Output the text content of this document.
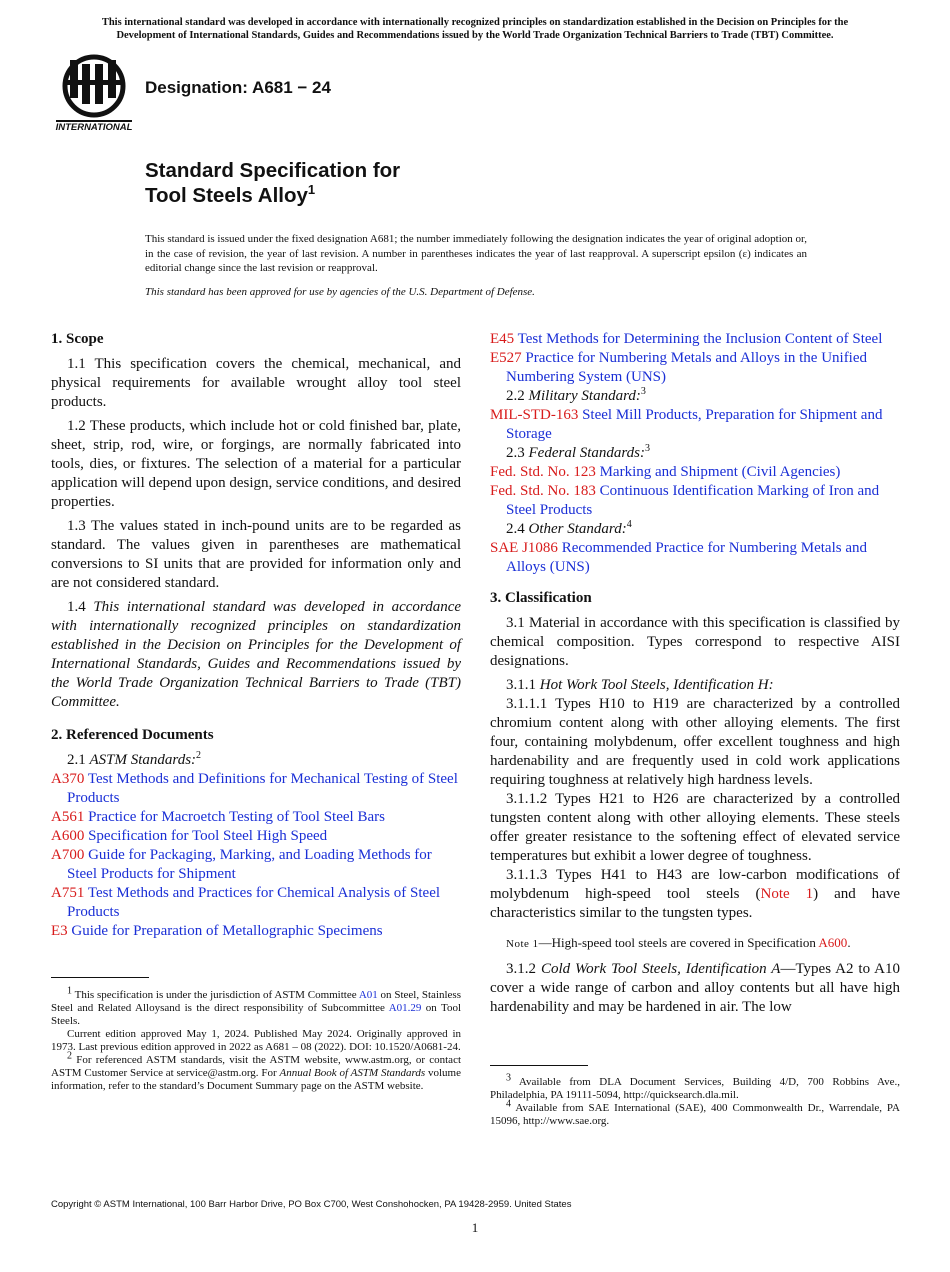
This international standard was developed in accordance with internationally recognized principles on standardization established in the Decision on Principles for the
Development of International Standards, Guides and Recommendations issued by the World Trade Organization Technical Barriers to Trade (TBT) Committee.
INTERNATIONAL
Designation: A681 − 24
Standard Specification for
Tool Steels Alloy$^1$
This standard is issued under the fixed designation A681; the number immediately following the designation indicates the year of original adoption or, in the case of revision, the year of last revision. A number in parentheses indicates the year of last reapproval. A superscript epsilon (ε) indicates an editorial change since the last revision or reapproval.
This standard has been approved for use by agencies of the U.S. Department of Defense.
1. Scope

1.1 This specification covers the chemical, mechanical, and physical requirements for available wrought alloy tool steel products.

1.2 These products, which include hot or cold finished bar, plate, sheet, strip, rod, wire, or forgings, are normally fabricated into tools, dies, or fixtures. The selection of a material for a particular application will depend upon design, service conditions, and desired properties.

1.3 The values stated in inch-pound units are to be regarded as standard. The values given in parentheses are mathematical conversions to SI units that are provided for information only and are not considered standard.

1.4 This international standard was developed in accordance with internationally recognized principles on standardization established in the Decision on Principles for the Development of International Standards, Guides and Recommendations issued by the World Trade Organization Technical Barriers to Trade (TBT) Committee.

2. Referenced Documents

2.1 ASTM Standards:$^2$

A370 Test Methods and Definitions for Mechanical Testing of Steel Products

A561 Practice for Macroetch Testing of Tool Steel Bars

A600 Specification for Tool Steel High Speed

A700 Guide for Packaging, Marking, and Loading Methods for Steel Products for Shipment

A751 Test Methods and Practices for Chemical Analysis of Steel Products

E3 Guide for Preparation of Metallographic Specimens

E45 Test Methods for Determining the Inclusion Content of Steel

E527 Practice for Numbering Metals and Alloys in the Unified Numbering System (UNS)

2.2 Military Standard:$^3$

MIL-STD-163 Steel Mill Products, Preparation for Shipment and Storage

2.3 Federal Standards:$^3$

Fed. Std. No. 123 Marking and Shipment (Civil Agencies)

Fed. Std. No. 183 Continuous Identification Marking of Iron and Steel Products

2.4 Other Standard:$^4$

SAE J1086 Recommended Practice for Numbering Metals and Alloys (UNS)

3. Classification

3.1 Material in accordance with this specification is classified by chemical composition. Types correspond to respective AISI designations.

3.1.1 Hot Work Tool Steels, Identification H:

3.1.1.1 Types H10 to H19 are characterized by a controlled chromium content along with other alloying elements. The first four, containing molybdenum, offer excellent toughness and high hardenability and are frequently used in cold work applications requiring toughness at relatively high hardness levels.

3.1.1.2 Types H21 to H26 are characterized by a controlled tungsten content along with other alloying elements. These steels offer greater resistance to the softening effect of elevated service temperatures but exhibit a lower degree of toughness.

3.1.1.3 Types H41 to H43 are low-carbon modifications of molybdenum high-speed tool steels (Note 1) and have characteristics similar to the tungsten types.

Note 1—High-speed tool steels are covered in Specification A600.

3.1.2 Cold Work Tool Steels, Identification A—Types A2 to A10 cover a wide range of carbon and alloy contents but all have high hardenability and may be hardened in air. The low

$^1$ This specification is under the jurisdiction of ASTM Committee A01 on Steel, Stainless Steel and Related Alloysand is the direct responsibility of Subcommittee A01.29 on Tool Steels.

Current edition approved May 1, 2024. Published May 2024. Originally approved in 1973. Last previous edition approved in 2022 as A681 – 08 (2022). DOI: 10.1520/A0681-24.

$^2$ For referenced ASTM standards, visit the ASTM website, www.astm.org, or contact ASTM Customer Service at service@astm.org. For Annual Book of ASTM Standards volume information, refer to the standard’s Document Summary page on the ASTM website.

$^3$ Available from DLA Document Services, Building 4/D, 700 Robbins Ave., Philadelphia, PA 19111-5094, http://quicksearch.dla.mil.

$^4$ Available from SAE International (SAE), 400 Commonwealth Dr., Warrendale, PA 15096, http://www.sae.org.

Copyright © ASTM International, 100 Barr Harbor Drive, PO Box C700, West Conshohocken, PA 19428-2959. United States
1
